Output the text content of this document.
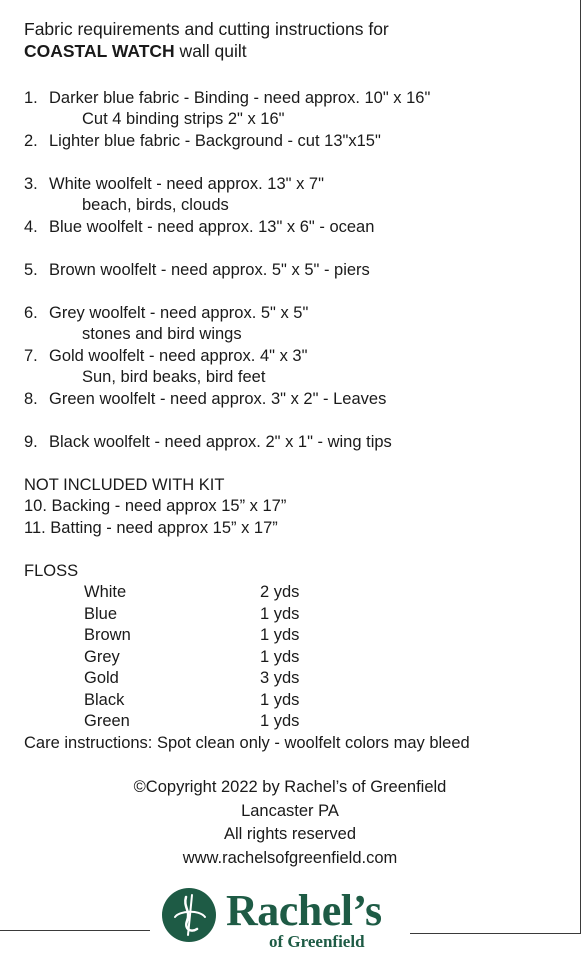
Fabric requirements and cutting instructions for
COASTAL WATCH wall quilt
1. Darker blue fabric - Binding - need approx. 10" x 16"
Cut 4 binding strips 2" x 16"
2. Lighter blue fabric - Background - cut 13"x15"
3. White woolfelt - need approx. 13" x 7"
beach, birds, clouds
4. Blue woolfelt - need approx. 13" x 6" - ocean
5. Brown woolfelt - need approx. 5" x 5" - piers
6. Grey woolfelt - need approx. 5" x 5"
stones and bird wings
7. Gold woolfelt - need approx. 4" x 3"
Sun, bird beaks, bird feet
8. Green woolfelt - need approx. 3" x 2" - Leaves
9. Black woolfelt - need approx. 2" x 1" - wing tips
NOT INCLUDED WITH KIT
10. Backing - need approx 15” x 17”
11. Batting - need approx 15” x 17”
FLOSS
White	2 yds
Blue	1 yds
Brown	1 yds
Grey	1 yds
Gold	3 yds
Black	1 yds
Green	1 yds
Care instructions: Spot clean only - woolfelt colors may bleed
©Copyright 2022 by Rachel’s of Greenfield
Lancaster PA
All rights reserved
www.rachelsofgreenfield.com
Rachel’s
of Greenfield
